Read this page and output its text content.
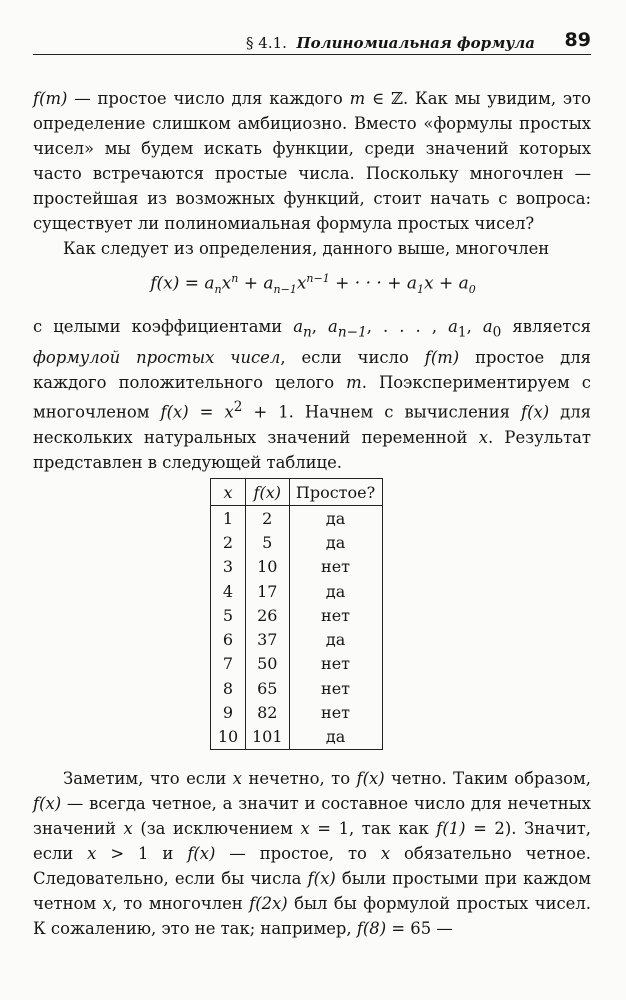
§ 4.1. Полиномиальная формула 89

f(m) — простое число для каждого m ∈ ℤ. Как мы увидим, это определение слишком амбициозно. Вместо «формулы простых чисел» мы будем искать функции, среди значений которых часто встречаются простые числа. Поскольку многочлен — простейшая из возможных функций, стоит начать с вопроса: существует ли полиномиальная формула простых чисел?

Как следует из определения, данного выше, многочлен

$f(x) = a_nx^n + a_{n-1}x^{n-1}$ + · · · + $a_1x + a_0$

с целыми коэффициентами $a_n$, $a_{n-1}$, . . . , $a_1$, $a_0$ является формулой простых чисел, если число f(m) простое для каждого положительного целого m. Поэкспериментируем с многочленом $f(x) = x^2 + 1$. Начнем с вычисления f(x) для нескольких натуральных значений переменной x. Результат представлен в следующей таблице.

x	f(x)	Простое?
1	2	да
2	5	да
3	10	нет
4	17	да
5	26	нет
6	37	да
7	50	нет
8	65	нет
9	82	нет
10	101	да

Заметим, что если x нечетно, то f(x) четно. Таким образом, f(x) — всегда четное, а значит и составное число для нечетных значений x (за исключением x = 1, так как f(1) = 2). Значит, если x > 1 и f(x) — простое, то x обязательно четное. Следовательно, если бы числа f(x) были простыми при каждом четном x, то многочлен f(2x) был бы формулой простых чисел. К сожалению, это не так; например, f(8) = 65 —
